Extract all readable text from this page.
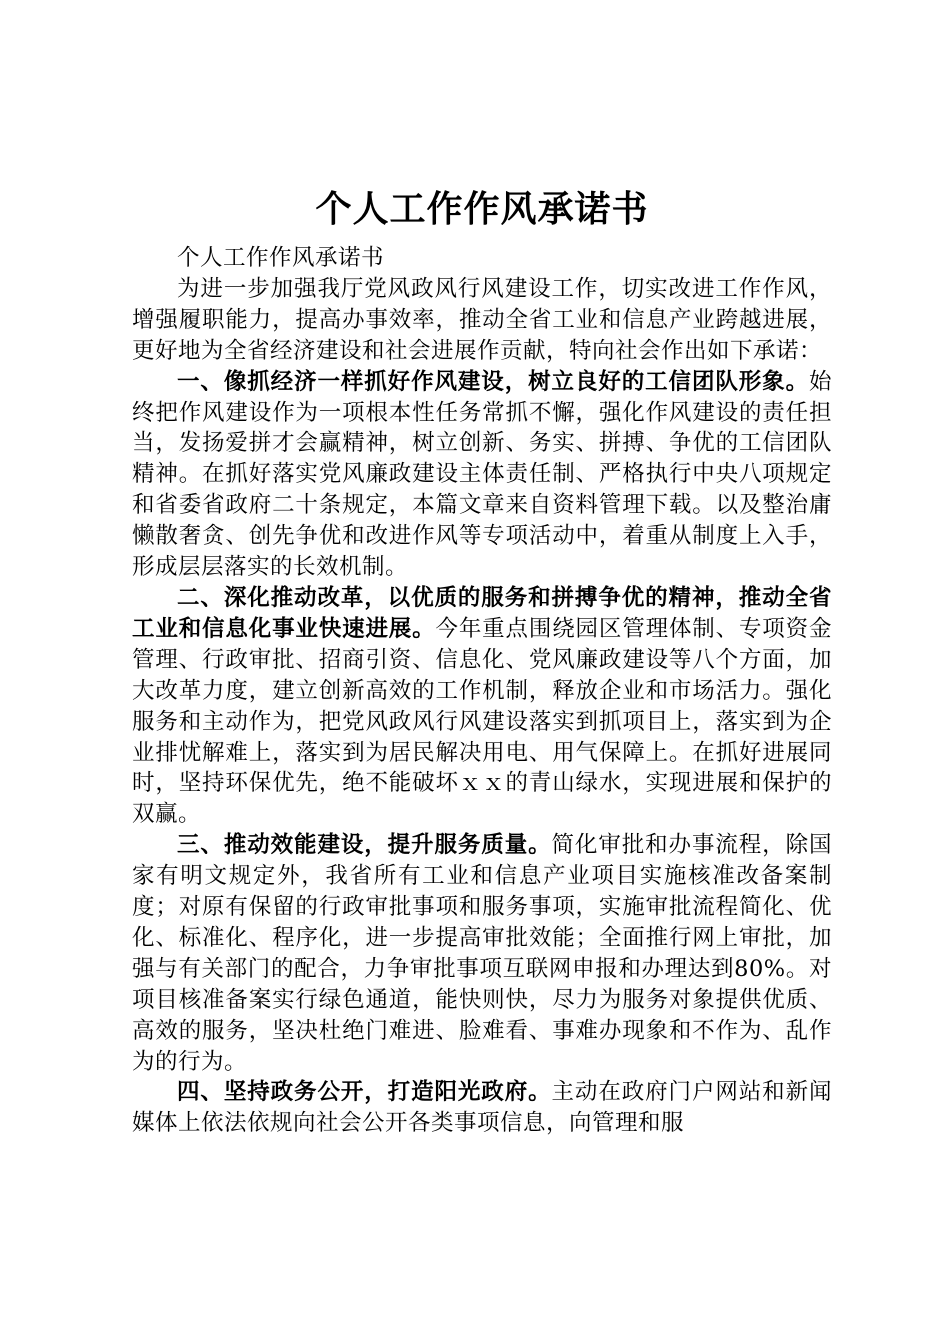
个人工作作风承诺书

个人工作作风承诺书

为进一步加强我厅党风政风行风建设工作，切实改进工作作风，增强履职能力，提高办事效率，推动全省工业和信息产业跨越进展，更好地为全省经济建设和社会进展作贡献，特向社会作出如下承诺：

一、像抓经济一样抓好作风建设，树立良好的工信团队形象。始终把作风建设作为一项根本性任务常抓不懈，强化作风建设的责任担当，发扬爱拼才会赢精神，树立创新、务实、拼搏、争优的工信团队精神。在抓好落实党风廉政建设主体责任制、严格执行中央八项规定和省委省政府二十条规定，本篇文章来自资料管理下载。以及整治庸懒散奢贪、创先争优和改进作风等专项活动中，着重从制度上入手，形成层层落实的长效机制。

二、深化推动改革，以优质的服务和拼搏争优的精神，推动全省工业和信息化事业快速进展。今年重点围绕园区管理体制、专项资金管理、行政审批、招商引资、信息化、党风廉政建设等八个方面，加大改革力度，建立创新高效的工作机制，释放企业和市场活力。强化服务和主动作为，把党风政风行风建设落实到抓项目上，落实到为企业排忧解难上，落实到为居民解决用电、用气保障上。在抓好进展同时，坚持环保优先，绝不能破坏ｘｘ的青山绿水，实现进展和保护的双赢。

三、推动效能建设，提升服务质量。简化审批和办事流程，除国家有明文规定外，我省所有工业和信息产业项目实施核准改备案制度；对原有保留的行政审批事项和服务事项，实施审批流程简化、优化、标准化、程序化，进一步提高审批效能；全面推行网上审批，加强与有关部门的配合，力争审批事项互联网申报和办理达到80%。对项目核准备案实行绿色通道，能快则快，尽力为服务对象提供优质、高效的服务，坚决杜绝门难进、脸难看、事难办现象和不作为、乱作为的行为。

四、坚持政务公开，打造阳光政府。主动在政府门户网站和新闻媒体上依法依规向社会公开各类事项信息，向管理和服
